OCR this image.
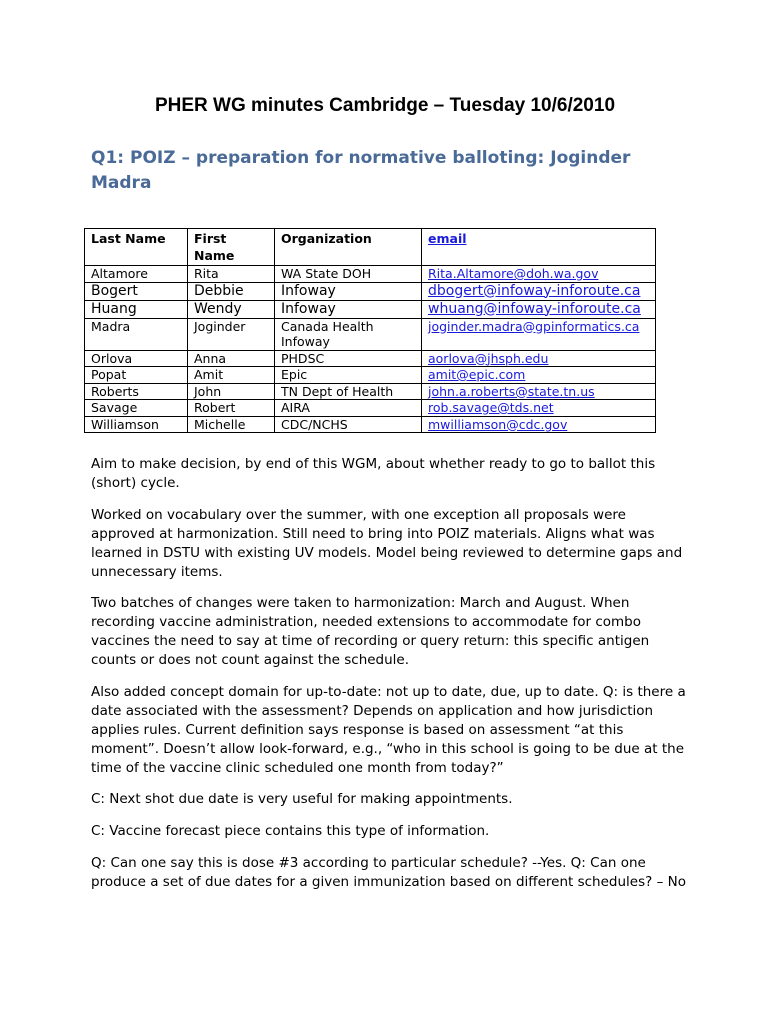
PHER WG minutes Cambridge – Tuesday 10/6/2010
Q1: POIZ – preparation for normative balloting: Joginder Madra
Last Name	First Name	Organization	email
Altamore	Rita	WA State DOH	Rita.Altamore@doh.wa.gov
Bogert	Debbie	Infoway	dbogert@infoway-inforoute.ca
Huang	Wendy	Infoway	whuang@infoway-inforoute.ca
Madra	Joginder	Canada Health Infoway	joginder.madra@gpinformatics.ca
Orlova	Anna	PHDSC	aorlova@jhsph.edu
Popat	Amit	Epic	amit@epic.com
Roberts	John	TN Dept of Health	john.a.roberts@state.tn.us
Savage	Robert	AIRA	rob.savage@tds.net
Williamson	Michelle	CDC/NCHS	mwilliamson@cdc.gov

Aim to make decision, by end of this WGM, about whether ready to go to ballot this (short) cycle.

Worked on vocabulary over the summer, with one exception all proposals were approved at harmonization. Still need to bring into POIZ materials. Aligns what was learned in DSTU with existing UV models. Model being reviewed to determine gaps and unnecessary items.

Two batches of changes were taken to harmonization: March and August. When recording vaccine administration, needed extensions to accommodate for combo vaccines the need to say at time of recording or query return: this specific antigen counts or does not count against the schedule.

Also added concept domain for up-to-date: not up to date, due, up to date. Q: is there a date associated with the assessment? Depends on application and how jurisdiction applies rules. Current definition says response is based on assessment “at this moment”. Doesn’t allow look-forward, e.g., “who in this school is going to be due at the time of the vaccine clinic scheduled one month from today?”

C: Next shot due date is very useful for making appointments.

C: Vaccine forecast piece contains this type of information.

Q: Can one say this is dose #3 according to particular schedule? --Yes. Q: Can one produce a set of due dates for a given immunization based on different schedules? – No
